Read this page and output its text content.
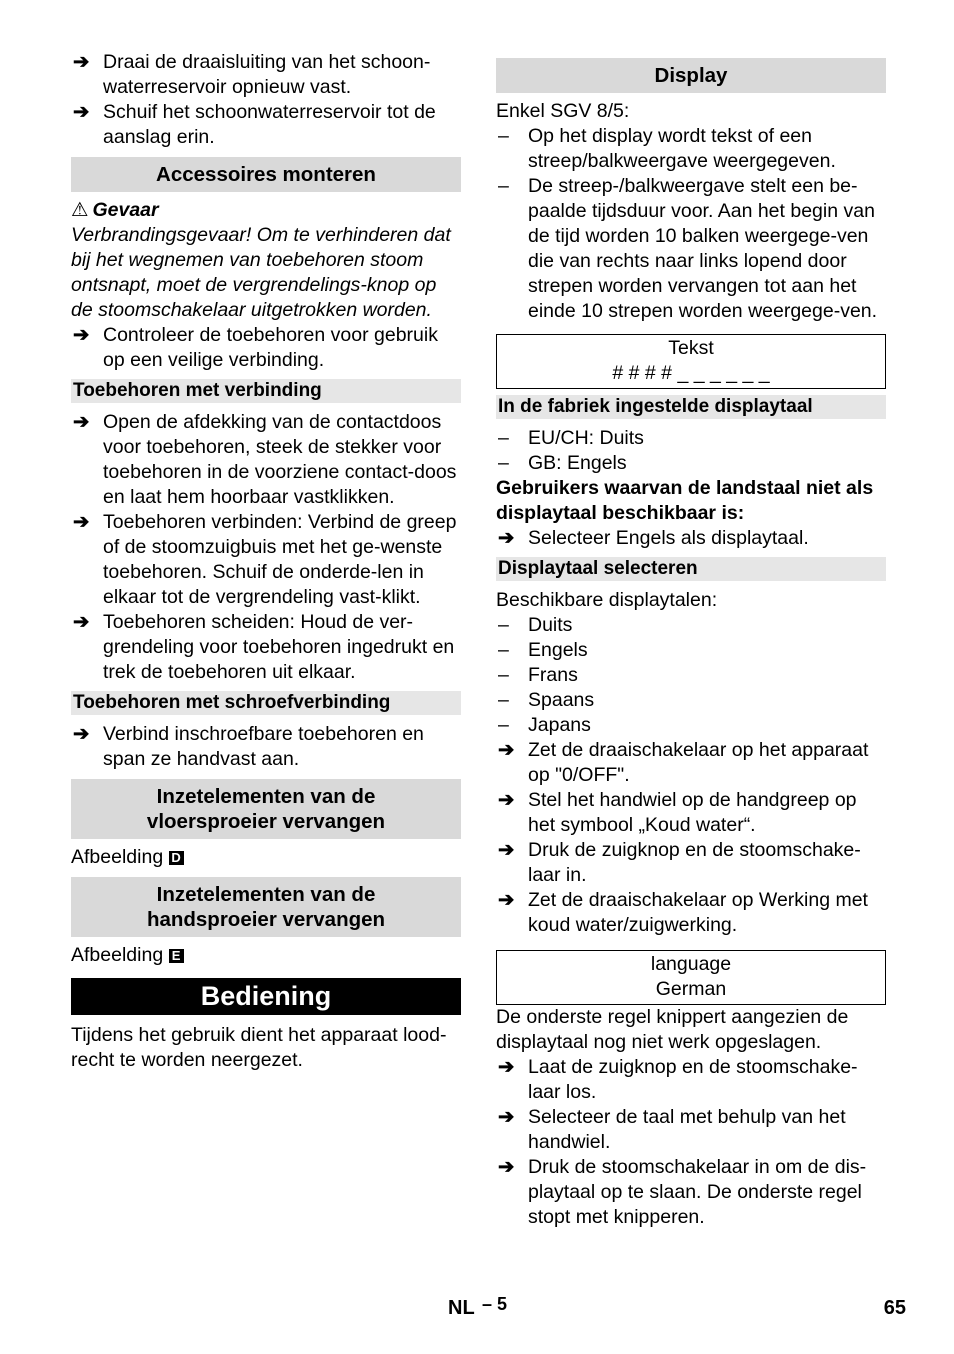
➔ Draai de draaisluiting van het schoon-
waterreservoir opnieuw vast.

➔ Schuif het schoonwaterreservoir tot de
aanslag erin.

Accessoires monteren

⚠ Gevaar

Verbrandingsgevaar! Om te verhinderen dat bij het wegnemen van toebehoren stoom ontsnapt, moet de vergrendelings-knop op de stoomschakelaar uitgetrokken worden.

➔ Controleer de toebehoren voor gebruik
op een veilige verbinding.

Toebehoren met verbinding
➔ Open de afdekking van de contactdoos voor toebehoren, steek de stekker voor toebehoren in de voorziene contact-doos en laat hem hoorbaar vastklikken.

➔ Toebehoren verbinden: Verbind de greep of de stoomzuigbuis met het ge-wenste toebehoren. Schuif de onderde-len in elkaar tot de vergrendeling vast-klikt.

➔ Toebehoren scheiden: Houd de ver-grendeling voor toebehoren ingedrukt en trek de toebehoren uit elkaar.

Toebehoren met schroefverbinding
➔ Verbind inschroefbare toebehoren en span ze handvast aan.

Inzetelementen van de
vloersproeier vervangen

Afbeelding D

Inzetelementen van de
handsproeier vervangen

Afbeelding E

Bediening

Tijdens het gebruik dient het apparaat lood-recht te worden neergezet.

Display

Enkel SGV 8/5:

– Op het display wordt tekst of een streep/balkweergave weergegeven.

– De streep-/balkweergave stelt een be-paalde tijdsduur voor. Aan het begin van de tijd worden 10 balken weergege-ven die van rechts naar links lopend door strepen worden vervangen tot aan het einde 10 strepen worden weergege-ven.

Tekst

# # # # _ _ _ _ _ _

In de fabriek ingestelde displaytaal
– EU/CH: Duits

– GB: Engels

Gebruikers waarvan de landstaal niet als displaytaal beschikbaar is:

➔ Selecteer Engels als displaytaal.

Displaytaal selecteren

Beschikbare displaytalen:

– Duits

– Engels

– Frans

– Spaans

– Japans

➔ Zet de draaischakelaar op het apparaat op "0/OFF".

➔ Stel het handwiel op de handgreep op het symbool „Koud water“.

➔ Druk de zuigknop en de stoomschake-laar in.

➔ Zet de draaischakelaar op Werking met koud water/zuigwerking.

language

German

De onderste regel knippert aangezien de displaytaal nog niet werk opgeslagen.

➔ Laat de zuigknop en de stoomschake-laar los.

➔ Selecteer de taal met behulp van het handwiel.

➔ Druk de stoomschakelaar in om de dis-playtaal op te slaan. De onderste regel stopt met knipperen.

NL – 5	65
